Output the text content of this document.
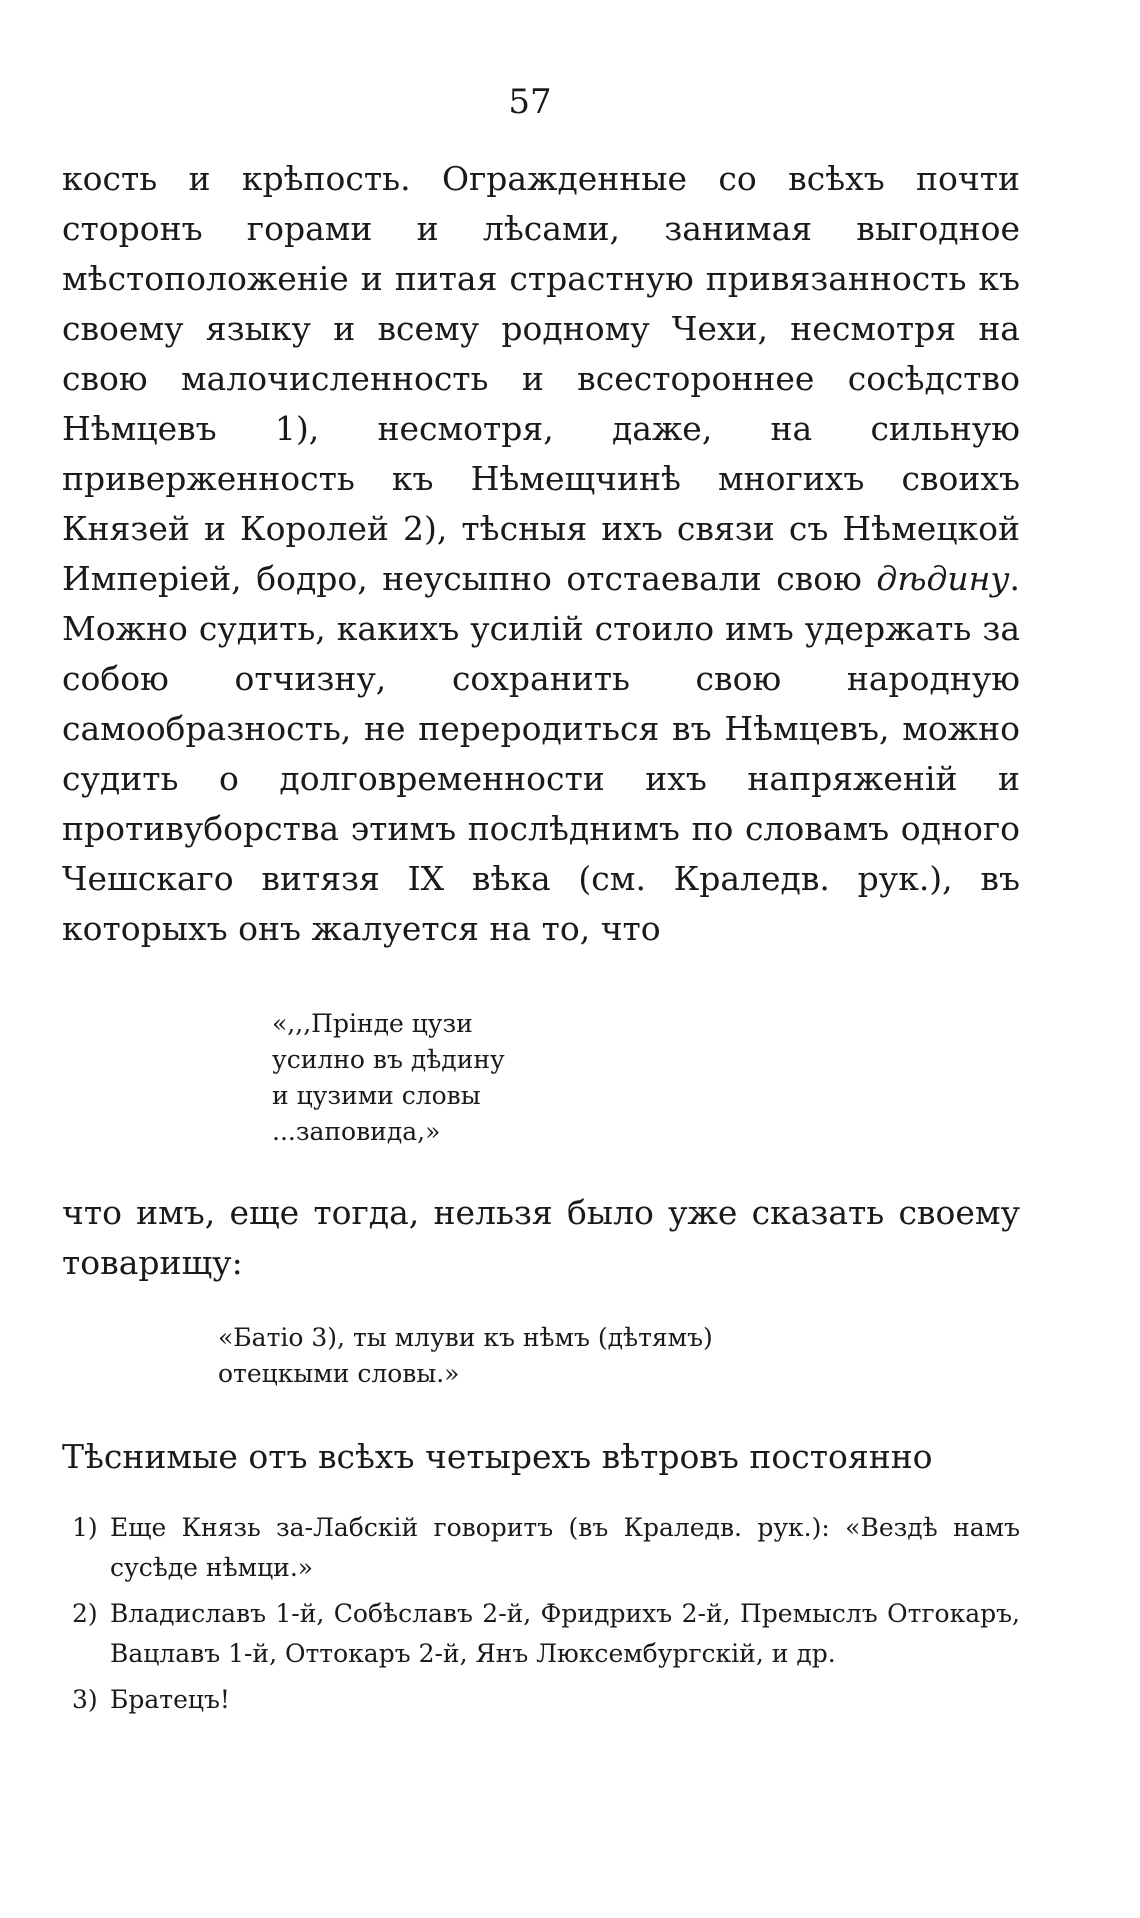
57

кость и крѣпость. Огражденные со всѣхъ почти сторонъ горами и лѣсами, занимая выгодное мѣстоположеніе и питая страстную привязанность къ своему языку и всему родному Чехи, несмотря на свою малочисленность и всестороннее сосѣдство Нѣмцевъ 1), несмотря, даже, на сильную приверженность къ Нѣмещчинѣ многихъ своихъ Князей и Королей 2), тѣсныя ихъ связи съ Нѣмецкой Имперіей, бодро, неусыпно отстаевали свою дѣдину. Можно судить, какихъ усилій стоило имъ удержать за собою отчизну, сохранить свою народную самообразность, не переродиться въ Нѣмцевъ, можно судить о долговременности ихъ напряженій и противуборства этимъ послѣднимъ по словамъ одного Чешскаго витязя IX вѣка (см. Краледв. рук.), въ которыхъ онъ жалуется на то, что

«,,,Прінде цузи
усилно въ дѣдину
и цузими словы
...заповида,»

что имъ, еще тогда, нельзя было уже сказать своему товарищу:

«Батіо 3), ты млуви къ нѣмъ (дѣтямъ)
отецкыми словы.»

Тѣснимые отъ всѣхъ четырехъ вѣтровъ постоянно

1) Еще Князь за-Лабскій говоритъ (въ Краледв. рук.): «Вездѣ намъ сусѣде нѣмци.»
2) Владиславъ 1-й, Собѣславъ 2-й, Фридрихъ 2-й, Премыслъ Отгокаръ, Вацлавъ 1-й, Оттокаръ 2-й, Янъ Люксембургскій, и др.
3) Братецъ!
